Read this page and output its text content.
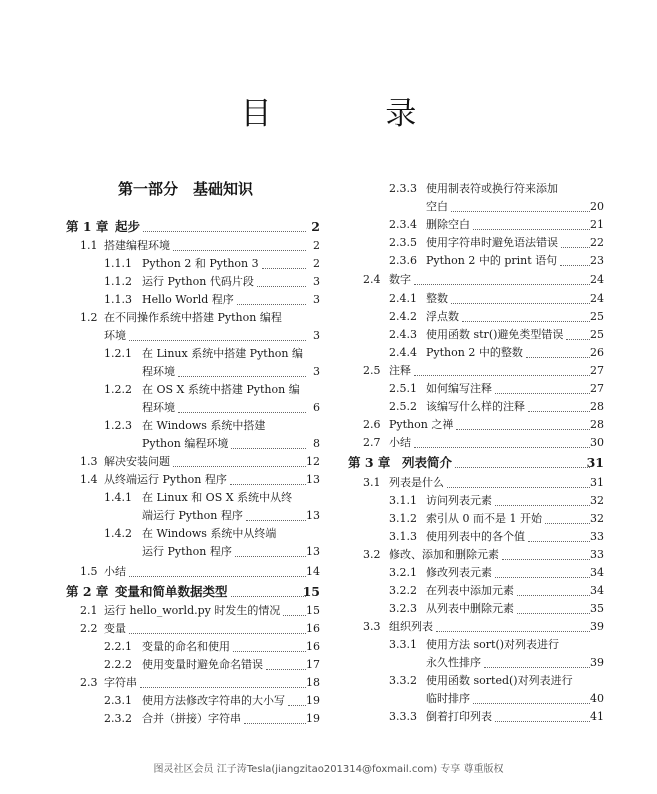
目 录
第一部分　基础知识
第 1 章 起步	2
1.1 搭建编程环境	2
1.1.1 Python 2 和 Python 3	2
1.1.2 运行 Python 代码片段	3
1.1.3 Hello World 程序	3
1.2 在不同操作系统中搭建 Python 编程
环境	3
1.2.1 在 Linux 系统中搭建 Python 编
程环境	3
1.2.2 在 OS X 系统中搭建 Python 编
程环境	6
1.2.3 在 Windows 系统中搭建
Python 编程环境	8
1.3 解决安装问题	12
1.4 从终端运行 Python 程序	13
1.4.1 在 Linux 和 OS X 系统中从终
端运行 Python 程序	13
1.4.2 在 Windows 系统中从终端
运行 Python 程序	13
1.5 小结	14
第 2 章 变量和简单数据类型	15
2.1 运行 hello_world.py 时发生的情况	15
2.2 变量	16
2.2.1 变量的命名和使用	16
2.2.2 使用变量时避免命名错误	17
2.3 字符串	18
2.3.1 使用方法修改字符串的大小写	19
2.3.2 合并（拼接）字符串	19
2.3.3 使用制表符或换行符来添加
空白	20
2.3.4 删除空白	21
2.3.5 使用字符串时避免语法错误	22
2.3.6 Python 2 中的 print 语句	23
2.4 数字	24
2.4.1 整数	24
2.4.2 浮点数	25
2.4.3 使用函数 str()避免类型错误	25
2.4.4 Python 2 中的整数	26
2.5 注释	27
2.5.1 如何编写注释	27
2.5.2 该编写什么样的注释	28
2.6 Python 之禅	28
2.7 小结	30
第 3 章 列表简介	31
3.1 列表是什么	31
3.1.1 访问列表元素	32
3.1.2 索引从 0 而不是 1 开始	32
3.1.3 使用列表中的各个值	33
3.2 修改、添加和删除元素	33
3.2.1 修改列表元素	34
3.2.2 在列表中添加元素	34
3.2.3 从列表中删除元素	35
3.3 组织列表	39
3.3.1 使用方法 sort()对列表进行
永久性排序	39
3.3.2 使用函数 sorted()对列表进行
临时排序	40
3.3.3 倒着打印列表	41
图灵社区会员 江子涛Tesla(jiangzitao201314@foxmail.com) 专享 尊重版权
